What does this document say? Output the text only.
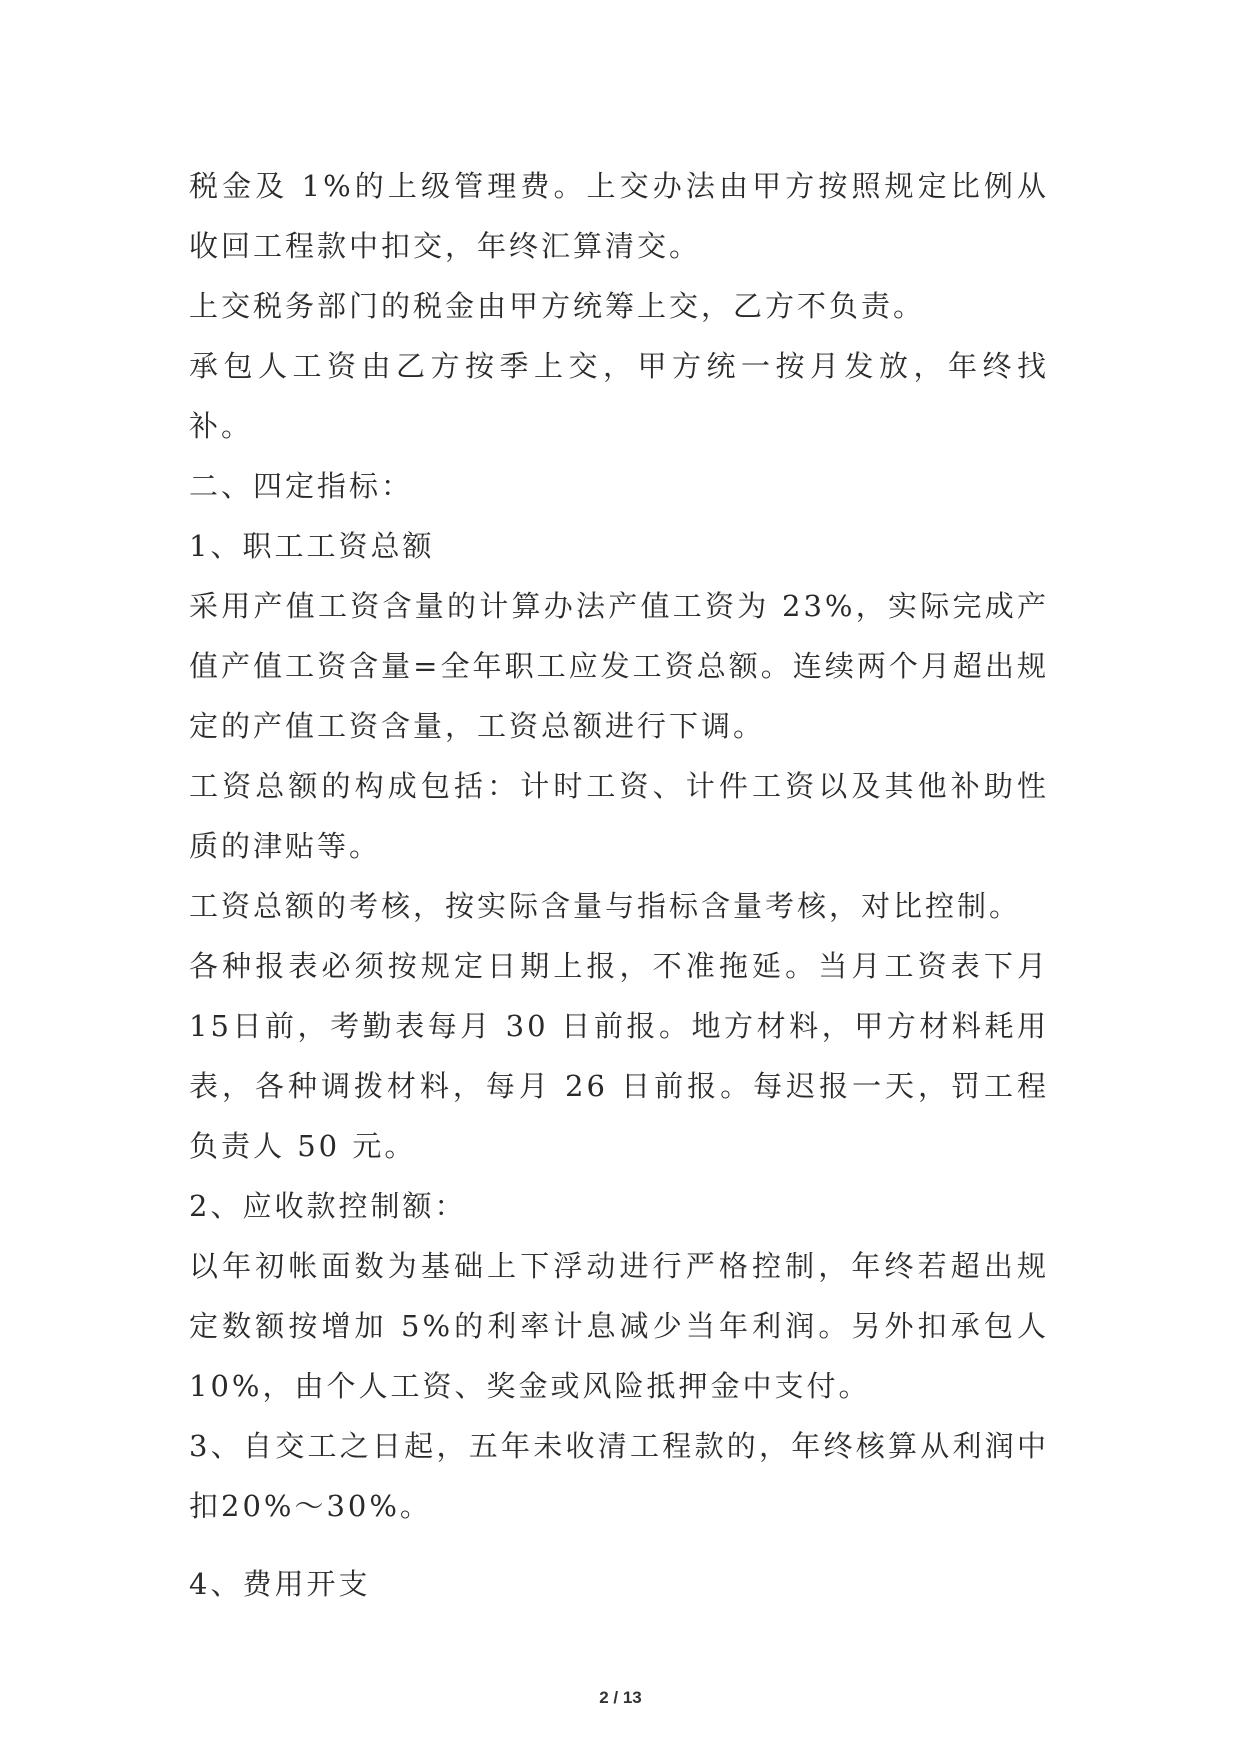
税金及 1%的上级管理费。上交办法由甲方按照规定比例从收回工程款中扣交，年终汇算清交。

上交税务部门的税金由甲方统筹上交，乙方不负责。

承包人工资由乙方按季上交，甲方统一按月发放，年终找补。

二、四定指标：

1、职工工资总额

采用产值工资含量的计算办法产值工资为 23%，实际完成产值产值工资含量=全年职工应发工资总额。连续两个月超出规定的产值工资含量，工资总额进行下调。

工资总额的构成包括：计时工资、计件工资以及其他补助性质的津贴等。

工资总额的考核，按实际含量与指标含量考核，对比控制。

各种报表必须按规定日期上报，不准拖延。当月工资表下月 15日前，考勤表每月 30 日前报。地方材料，甲方材料耗用表，各种调拨材料，每月 26 日前报。每迟报一天，罚工程负责人 50 元。

2、应收款控制额：

以年初帐面数为基础上下浮动进行严格控制，年终若超出规定数额按增加 5%的利率计息减少当年利润。另外扣承包人 10%，由个人工资、奖金或风险抵押金中支付。

3、自交工之日起，五年未收清工程款的，年终核算从利润中扣20%～30%。

4、费用开支

2 / 13
